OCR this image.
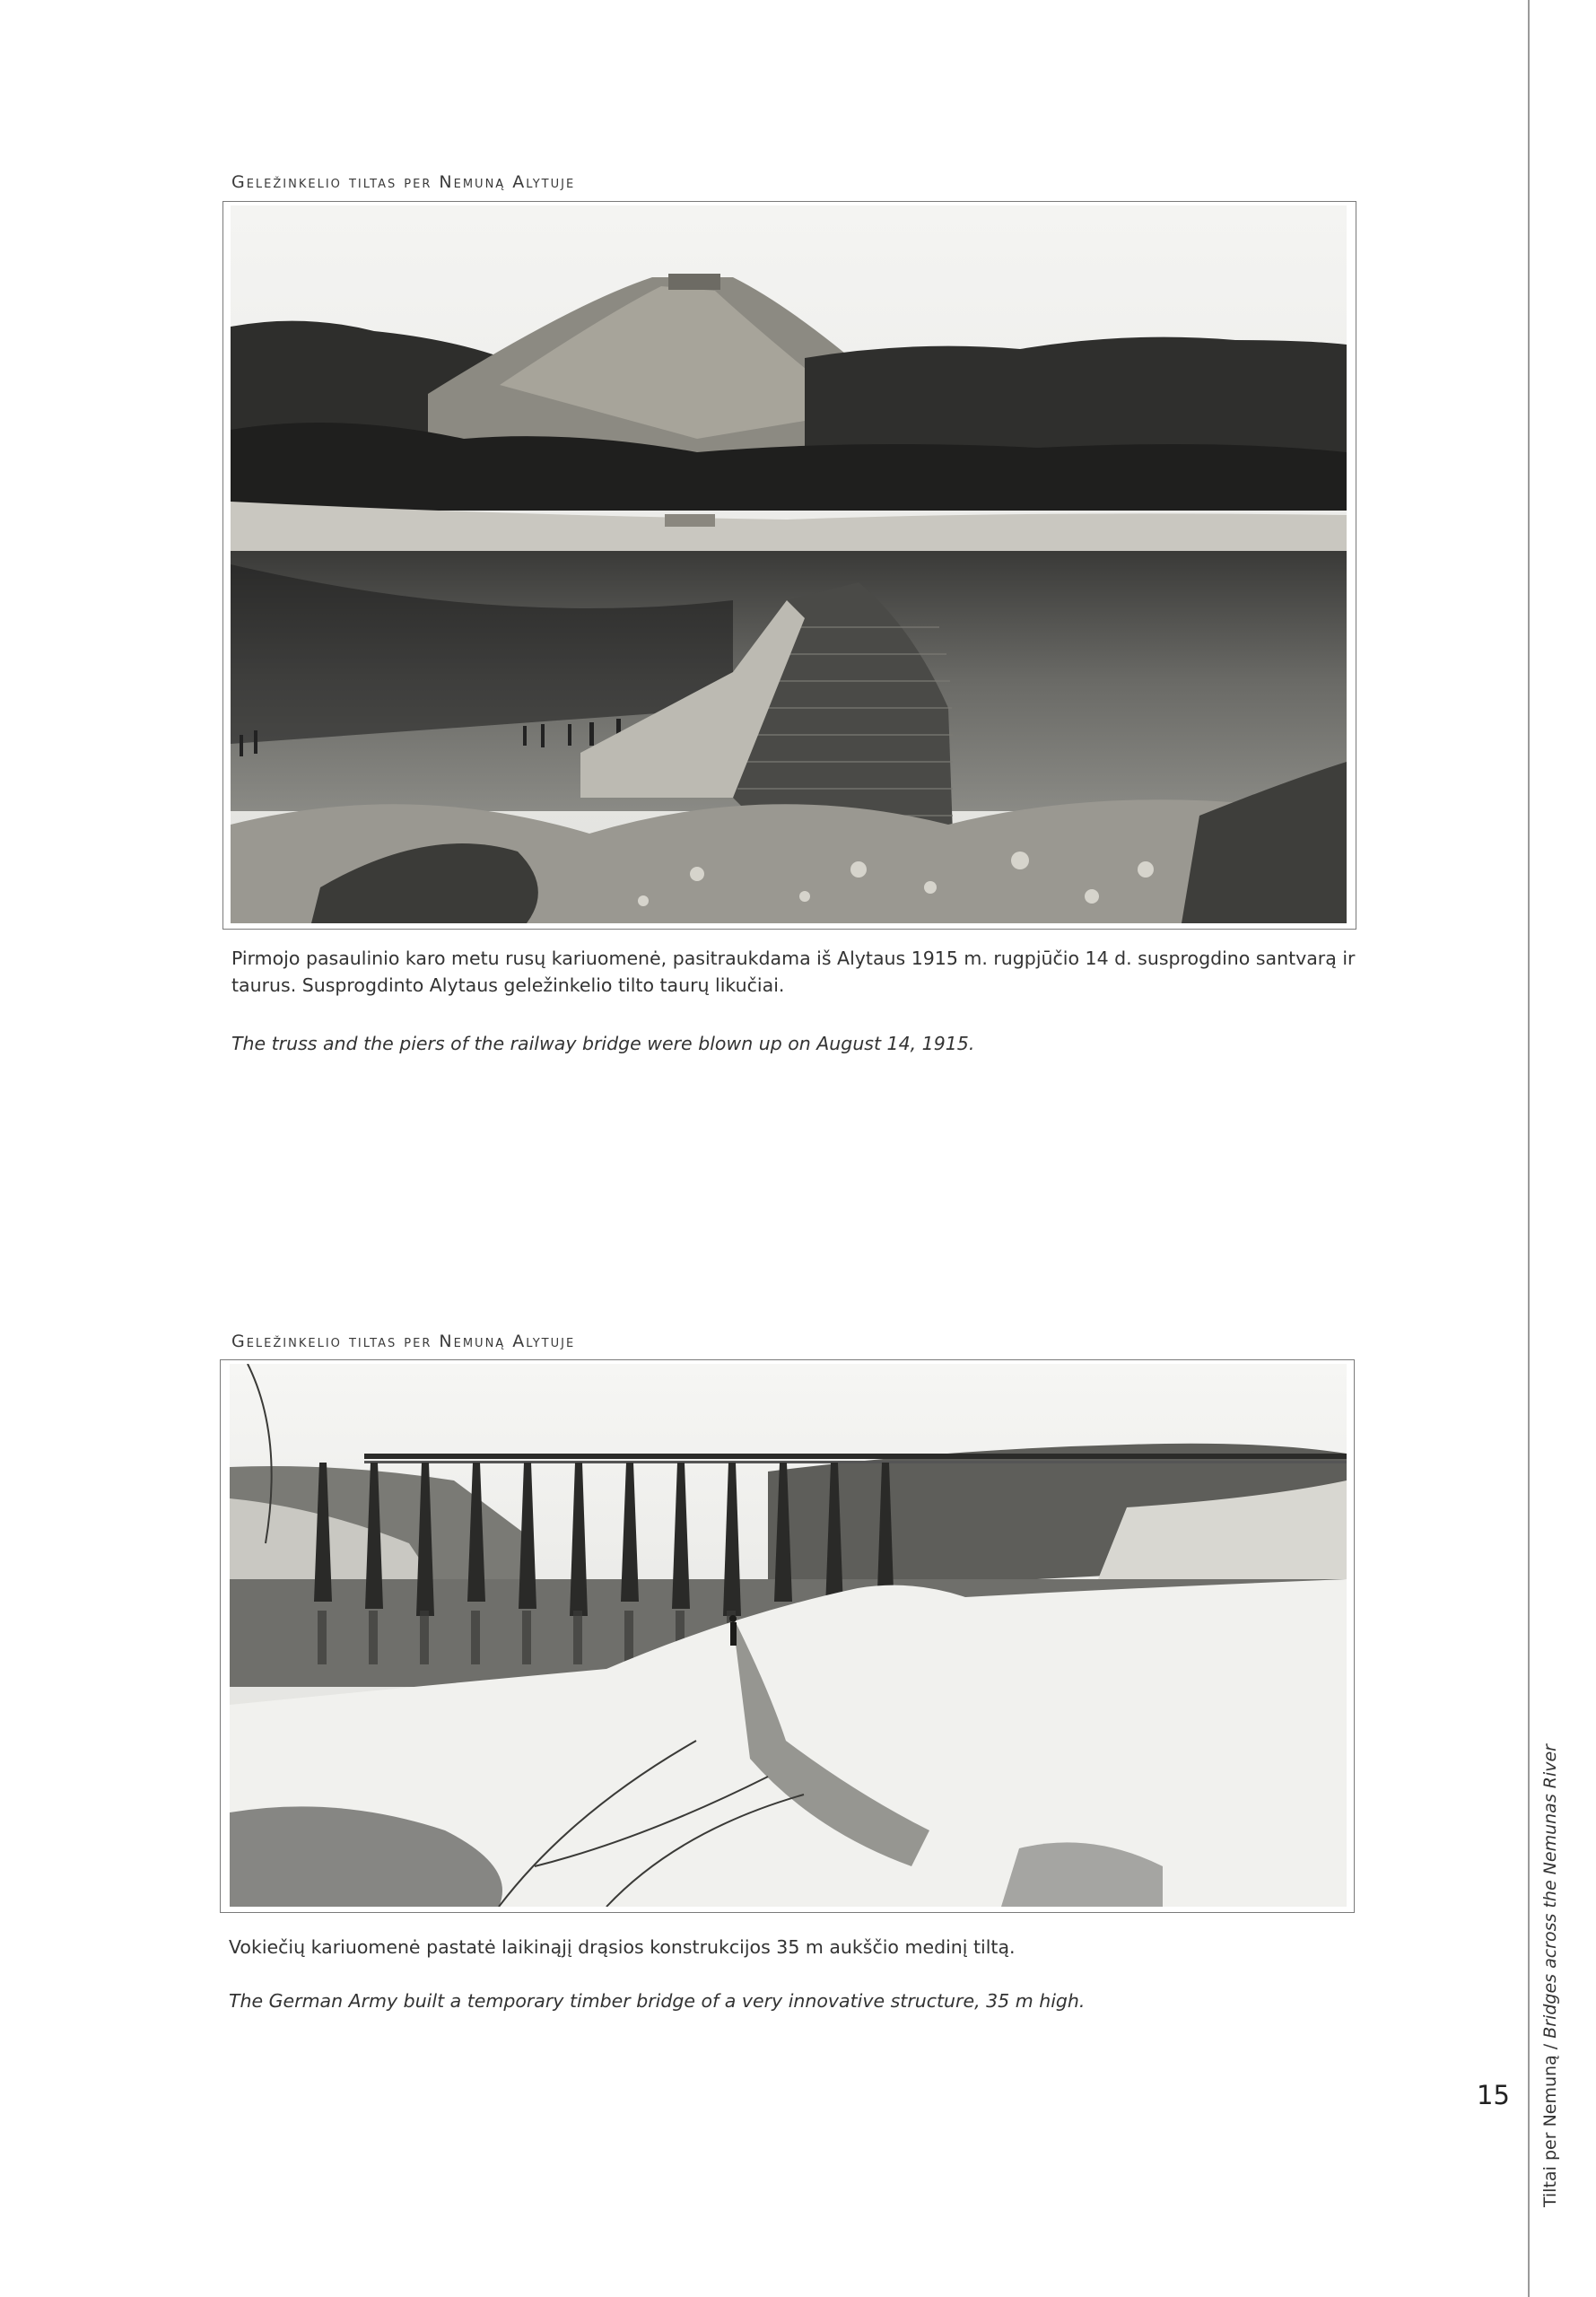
Geležinkelio tiltas per Nemuną Alytuje
Pirmojo pasaulinio karo metu rusų kariuomenė, pasitraukdama iš Alytaus 1915 m. rugpjūčio 14 d. susprogdino santvarą ir taurus. Susprogdinto Alytaus geležinkelio tilto taurų likučiai.
The truss and the piers of the railway bridge were blown up on August 14, 1915.
Geležinkelio tiltas per Nemuną Alytuje
Vokiečių kariuomenė pastatė laikinąjį drąsios konstrukcijos 35 m aukščio medinį tiltą.
The German Army built a temporary timber bridge of a very innovative structure, 35 m high.
Tiltai per Nemuną / Bridges across the Nemunas River
15
